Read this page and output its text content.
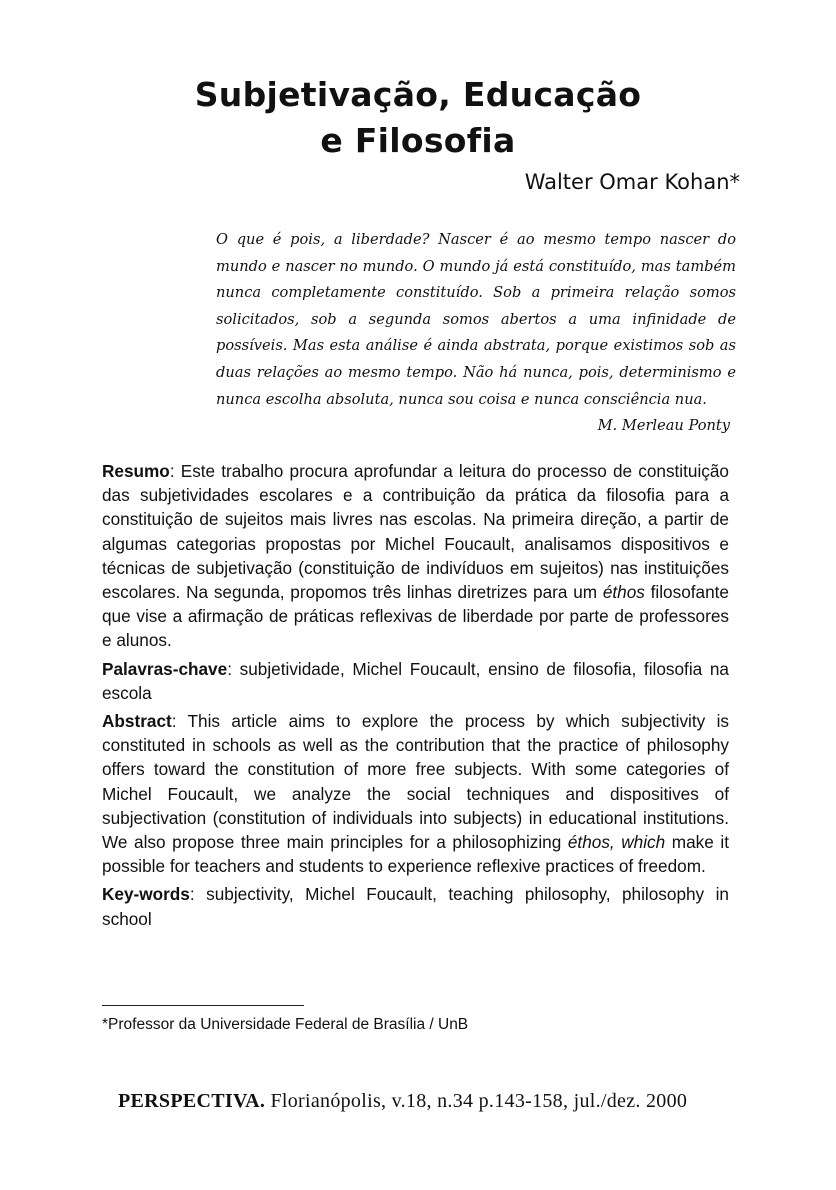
Subjetivação, Educação
e Filosofia
Walter Omar Kohan*
O que é pois, a liberdade? Nascer é ao mesmo tempo nascer do mundo e nascer no mundo. O mundo já está constituído, mas também nunca completamente constituído. Sob a primeira relação somos solicitados, sob a segunda somos abertos a uma infinidade de possíveis. Mas esta análise é ainda abstrata, porque existimos sob as duas relações ao mesmo tempo. Não há nunca, pois, determinismo e nunca escolha absoluta, nunca sou coisa e nunca consciência nua.
M. Merleau Ponty

Resumo: Este trabalho procura aprofundar a leitura do processo de constituição das subjetividades escolares e a contribuição da prática da filosofia para a constituição de sujeitos mais livres nas escolas. Na primeira direção, a partir de algumas categorias propostas por Michel Foucault, analisamos dispositivos e técnicas de subjetivação (constituição de indivíduos em sujeitos) nas instituições escolares. Na segunda, propomos três linhas diretrizes para um éthos filosofante que vise a afirmação de práticas reflexivas de liberdade por parte de professores e alunos.

Palavras-chave: subjetividade, Michel Foucault, ensino de filosofia, filosofia na escola

Abstract: This article aims to explore the process by which subjectivity is constituted in schools as well as the contribution that the practice of philosophy offers toward the constitution of more free subjects. With some categories of Michel Foucault, we analyze the social techniques and dispositives of subjectivation (constitution of individuals into subjects) in educational institutions. We also propose three main principles for a philosophizing éthos, which make it possible for teachers and students to experience reflexive practices of freedom.

Key-words: subjectivity, Michel Foucault, teaching philosophy, philosophy in school

*Professor da Universidade Federal de Brasília / UnB
PERSPECTIVA. Florianópolis, v.18, n.34 p.143-158, jul./dez. 2000
